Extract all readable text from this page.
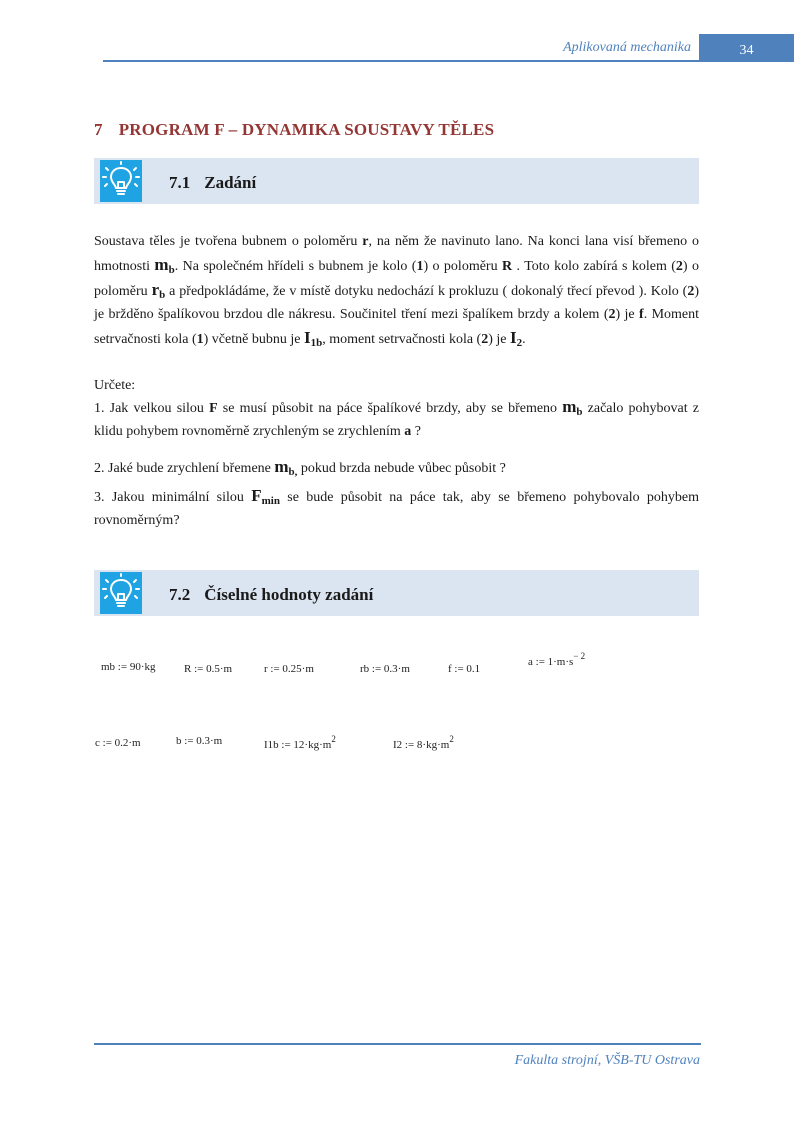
Aplikovaná mechanika	34
7 PROGRAM F – DYNAMIKA SOUSTAVY TĚLES
7.1 Zadání
Soustava těles je tvořena bubnem o poloměru r, na něm že navinuto lano. Na konci lana visí břemeno o hmotnosti $m_b$. Na společném hřídeli s bubnem je kolo (1) o poloměru R . Toto kolo zabírá s kolem (2) o poloměru $r_b$ a předpokládáme, že v místě dotyku nedochází k prokluzu ( dokonalý třecí převod ). Kolo (2) je bržděno špalíkovou brzdou dle nákresu. Součinitel tření mezi špalíkem brzdy a kolem (2) je f. Moment setrvačnosti kola (1) včetně bubnu je $I_{1b}$, moment setrvačnosti kola (2) je $I_2$.
Určete:
1. Jak velkou silou F se musí působit na páce špalíkové brzdy, aby se břemeno $m_b$ začalo pohybovat z klidu pohybem rovnoměrně zrychleným se zrychlením a ?
2. Jaké bude zrychlení břemene $m_{b,}$ pokud brzda nebude vůbec působit ?
3. Jakou minimální silou $F_{min}$ se bude působit na páce tak, aby se břemeno pohybovalo pohybem rovnoměrným?
7.2 Číselné hodnoty zadání
mb := 90·kg	R := 0.5·m	r := 0.25·m	rb := 0.3·m	f := 0.1
a := $1\cdot m\cdot s^{- 2}$
c := 0.2·m	b := 0.3·m	I1b := $12\cdot kg\cdot m^2$	I2 := $8\cdot kg\cdot m^2$
Fakulta strojní, VŠB-TU Ostrava
